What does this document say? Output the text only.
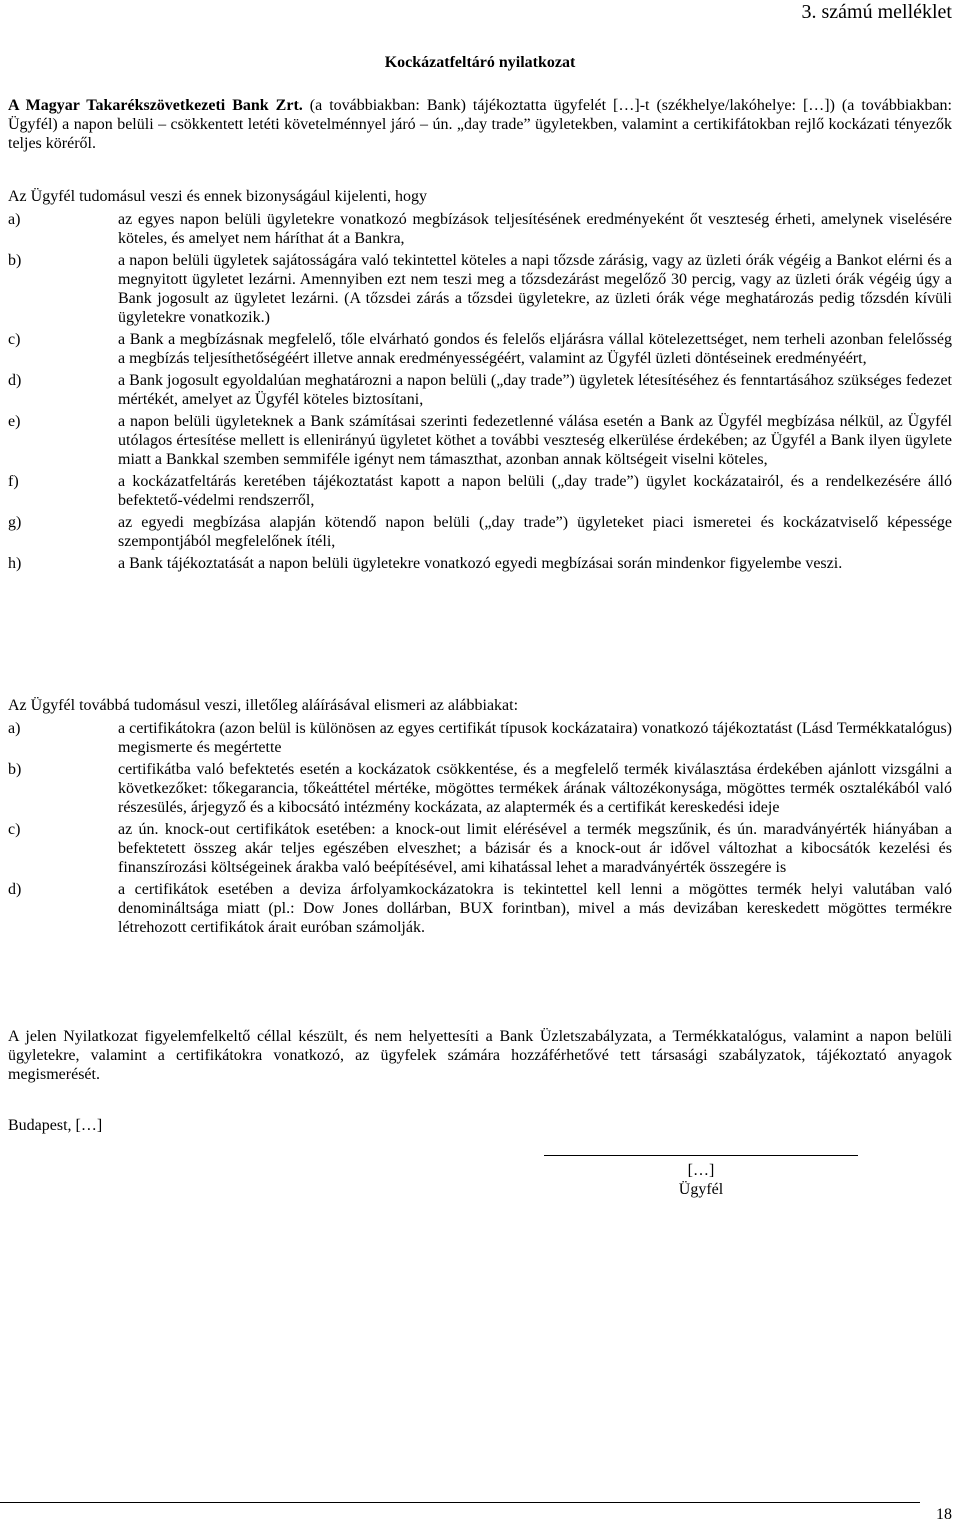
3. számú melléklet
Kockázatfeltáró nyilatkozat
A Magyar Takarékszövetkezeti Bank Zrt. (a továbbiakban: Bank) tájékoztatta ügyfelét […]-t (székhelye/lakóhelye: […]) (a továbbiakban: Ügyfél) a napon belüli – csökkentett letéti követelménnyel járó – ún. „day trade” ügyletekben, valamint a certikifátokban rejlő kockázati tényezők teljes köréről.
Az Ügyfél tudomásul veszi és ennek bizonyságául kijelenti, hogy
a)	az egyes napon belüli ügyletekre vonatkozó megbízások teljesítésének eredményeként őt veszteség érheti, amelynek viselésére köteles, és amelyet nem háríthat át a Bankra,
b)	a napon belüli ügyletek sajátosságára való tekintettel köteles a napi tőzsde zárásig, vagy az üzleti órák végéig a Bankot elérni és a megnyitott ügyletet lezárni. Amennyiben ezt nem teszi meg a tőzsdezárást megelőző 30 percig, vagy az üzleti órák végéig úgy a Bank jogosult az ügyletet lezárni. (A tőzsdei zárás a tőzsdei ügyletekre, az üzleti órák vége meghatározás pedig tőzsdén kívüli ügyletekre vonatkozik.)
c)	a Bank a megbízásnak megfelelő, tőle elvárható gondos és felelős eljárásra vállal kötelezettséget, nem terheli azonban felelősség a megbízás teljesíthetőségéért illetve annak eredményességéért, valamint az Ügyfél üzleti döntéseinek eredményéért,
d)	a Bank jogosult egyoldalúan meghatározni a napon belüli („day trade”) ügyletek létesítéséhez és fenntartásához szükséges fedezet mértékét, amelyet az Ügyfél köteles biztosítani,
e)	a napon belüli ügyleteknek a Bank számításai szerinti fedezetlenné válása esetén a Bank az Ügyfél megbízása nélkül, az Ügyfél utólagos értesítése mellett is ellenirányú ügyletet köthet a további veszteség elkerülése érdekében; az Ügyfél a Bank ilyen ügylete miatt a Bankkal szemben semmiféle igényt nem támaszthat, azonban annak költségeit viselni köteles,
f)	a kockázatfeltárás keretében tájékoztatást kapott a napon belüli („day trade”) ügylet kockázatairól, és a rendelkezésére álló befektető-védelmi rendszerről,
g)	az egyedi megbízása alapján kötendő napon belüli („day trade”) ügyleteket piaci ismeretei és kockázatviselő képessége szempontjából megfelelőnek ítéli,
h)	a Bank tájékoztatását a napon belüli ügyletekre vonatkozó egyedi megbízásai során mindenkor figyelembe veszi.
Az Ügyfél továbbá tudomásul veszi, illetőleg aláírásával elismeri az alábbiakat:
a)	a certifikátokra (azon belül is különösen az egyes certifikát típusok kockázataira) vonatkozó tájékoztatást (Lásd Termékkatalógus) megismerte és megértette
b)	certifikátba való befektetés esetén a kockázatok csökkentése, és a megfelelő termék kiválasztása érdekében ajánlott vizsgálni a következőket: tőkegarancia, tőkeáttétel mértéke, mögöttes termékek árának változékonysága, mögöttes termék osztalékából való részesülés, árjegyző és a kibocsátó intézmény kockázata, az alaptermék és a certifikát kereskedési ideje
c)	az ún. knock-out certifikátok esetében: a knock-out limit elérésével a termék megszűnik, és ún. maradványérték hiányában a befektetett összeg akár teljes egészében elveszhet; a bázisár és a knock-out ár idővel változhat a kibocsátók kezelési és finanszírozási költségeinek árakba való beépítésével, ami kihatással lehet a maradványérték összegére is
d)	a certifikátok esetében a deviza árfolyamkockázatokra is tekintettel kell lenni a mögöttes termék helyi valutában való denomináltsága miatt (pl.: Dow Jones dollárban, BUX forintban), mivel a más devizában kereskedett mögöttes termékre létrehozott certifikátok árait euróban számolják.
A jelen Nyilatkozat figyelemfelkeltő céllal készült, és nem helyettesíti a Bank Üzletszabályzata, a Termékkatalógus, valamint a napon belüli ügyletekre, valamint a certifikátokra vonatkozó, az ügyfelek számára hozzáférhetővé tett társasági szabályzatok, tájékoztató anyagok megismerését.
Budapest, […]
[…]
Ügyfél
18
